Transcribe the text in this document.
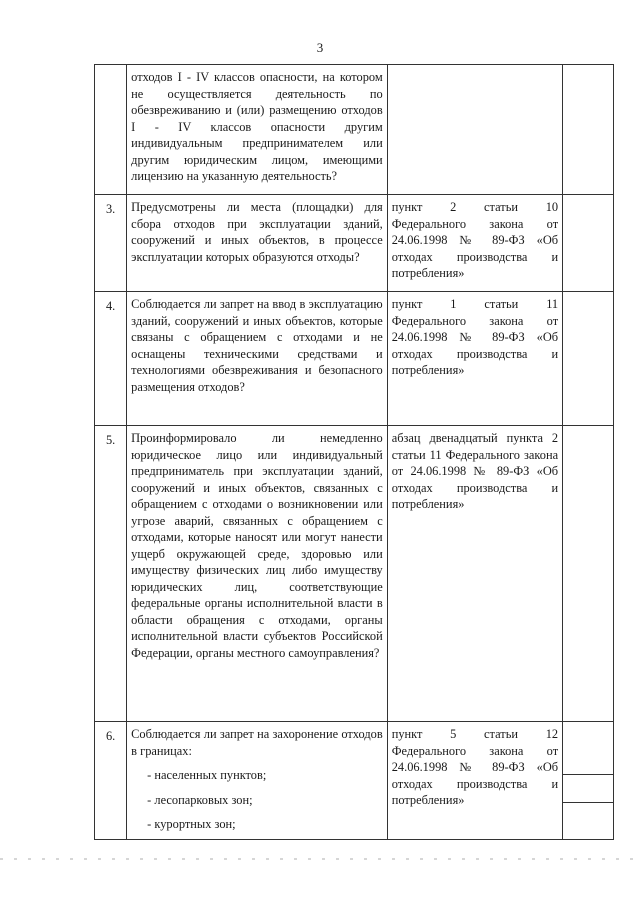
3
	отходов I - IV классов опасности, на котором не осуществляется деятельность по обезвреживанию и (или) размещению отходов I - IV классов опасности другим индивидуальным предпринимателем или другим юридическим лицом, имеющими лицензию на указанную деятельность?		
3.	Предусмотрены ли места (площадки) для сбора отходов при эксплуатации зданий, сооружений и иных объектов, в процессе эксплуатации которых образуются отходы?	пункт 2 статьи 10 Федерального закона от 24.06.1998 № 89-ФЗ «Об отходах производства и потребления»	
4.	Соблюдается ли запрет на ввод в эксплуатацию зданий, сооружений и иных объектов, которые связаны с обращением с отходами и не оснащены техническими средствами и технологиями обезвреживания и безопасного размещения отходов?	пункт 1 статьи 11 Федерального закона от 24.06.1998 № 89-ФЗ «Об отходах производства и потребления»	
5.	Проинформировало ли немедленно юридическое лицо или индивидуальный предприниматель при эксплуатации зданий, сооружений и иных объектов, связанных с обращением с отходами о возникновении или угрозе аварий, связанных с обращением с отходами, которые наносят или могут нанести ущерб окружающей среде, здоровью или имуществу физических лиц либо имуществу юридических лиц, соответствующие федеральные органы исполнительной власти в области обращения с отходами, органы исполнительной власти субъектов Российской Федерации, органы местного самоуправления?	абзац двенадцатый пункта 2 статьи 11 Федерального закона от 24.06.1998 № 89-ФЗ «Об отходах производства и потребления»	
6.	Соблюдается ли запрет на захоронение отходов в границах:
- населенных пунктов;
- лесопарковых зон;
- курортных зон;	пункт 5 статьи 12 Федерального закона от 24.06.1998 № 89-ФЗ «Об отходах производства и потребления»	
